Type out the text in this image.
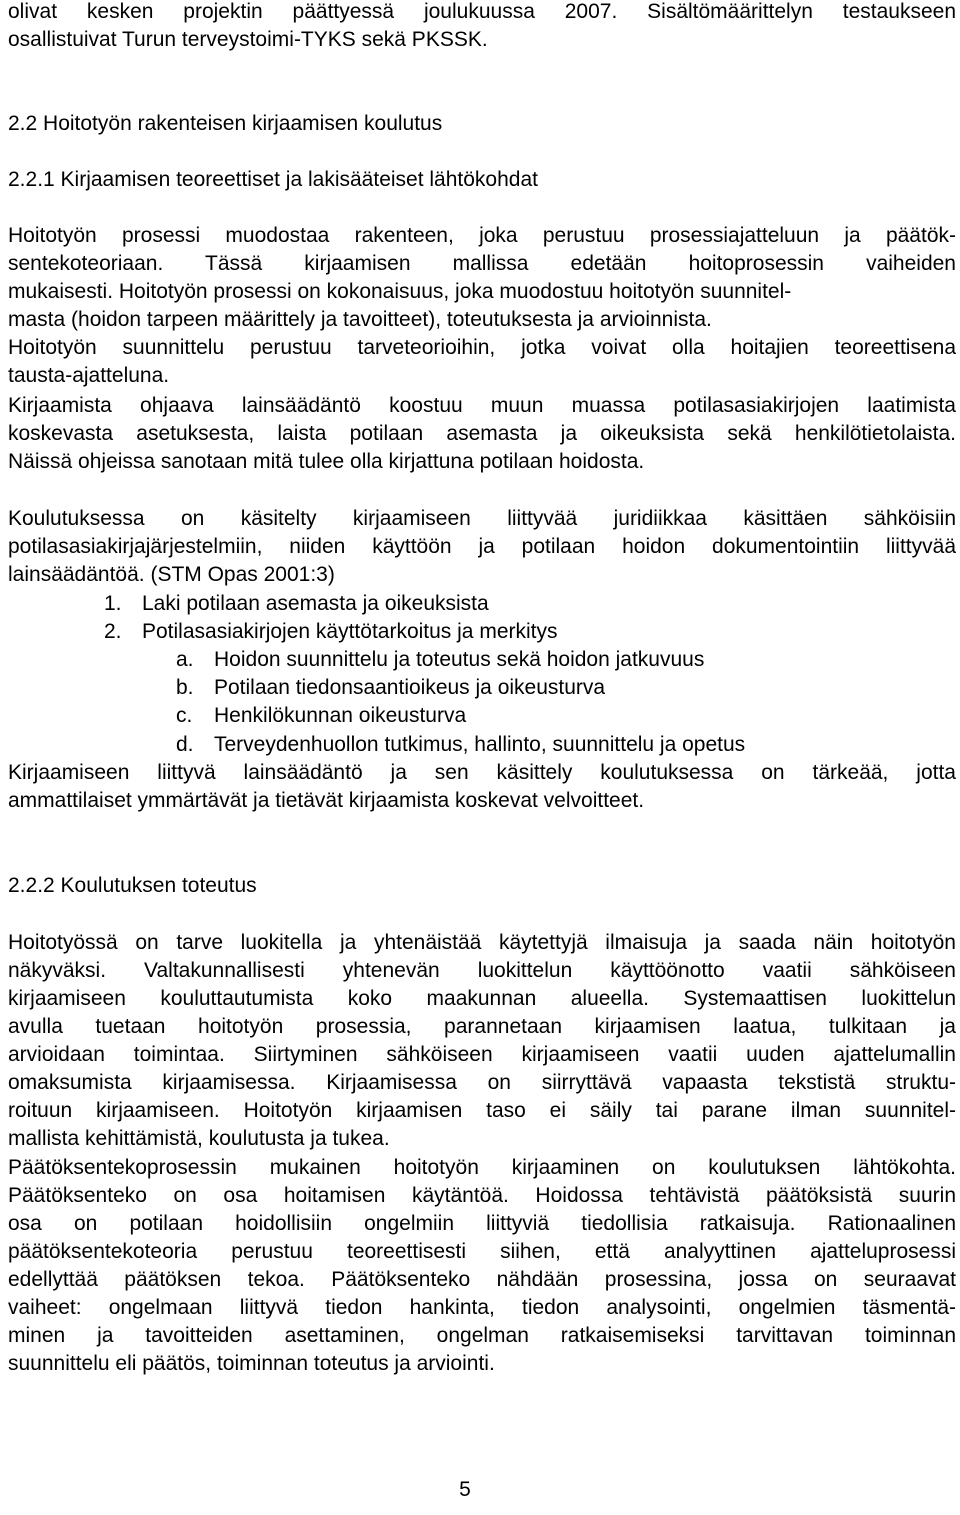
olivat kesken projektin päättyessä joulukuussa 2007. Sisältömäärittelyn testaukseen
osallistuivat Turun terveystoimi-TYKS sekä PKSSK.
2.2 Hoitotyön rakenteisen kirjaamisen koulutus
2.2.1 Kirjaamisen teoreettiset ja lakisääteiset lähtökohdat
Hoitotyön prosessi muodostaa rakenteen, joka perustuu prosessiajatteluun ja päätök-
sentekoteoriaan. Tässä kirjaamisen mallissa edetään hoitoprosessin vaiheiden
mukaisesti. Hoitotyön prosessi on kokonaisuus, joka muodostuu hoitotyön suunnitel-
masta (hoidon tarpeen määrittely ja tavoitteet), toteutuksesta ja arvioinnista.
Hoitotyön suunnittelu perustuu tarveteorioihin, jotka voivat olla hoitajien teoreettisena
tausta-ajatteluna.
Kirjaamista ohjaava lainsäädäntö koostuu muun muassa potilasasiakirjojen laatimista
koskevasta asetuksesta, laista potilaan asemasta ja oikeuksista sekä henkilötietolaista.
Näissä ohjeissa sanotaan mitä tulee olla kirjattuna potilaan hoidosta.
Koulutuksessa on käsitelty kirjaamiseen liittyvää juridiikkaa käsittäen sähköisiin
potilasasiakirjajärjestelmiin, niiden käyttöön ja potilaan hoidon dokumentointiin liittyvää
lainsäädäntöä. (STM Opas 2001:3)
1. Laki potilaan asemasta ja oikeuksista
2. Potilasasiakirjojen käyttötarkoitus ja merkitys
a. Hoidon suunnittelu ja toteutus sekä hoidon jatkuvuus
b. Potilaan tiedonsaantioikeus ja oikeusturva
c. Henkilökunnan oikeusturva
d. Terveydenhuollon tutkimus, hallinto, suunnittelu ja opetus
Kirjaamiseen liittyvä lainsäädäntö ja sen käsittely koulutuksessa on tärkeää, jotta
ammattilaiset ymmärtävät ja tietävät kirjaamista koskevat velvoitteet.
2.2.2 Koulutuksen toteutus
Hoitotyössä on tarve luokitella ja yhtenäistää käytettyjä ilmaisuja ja saada näin hoitotyön
näkyväksi. Valtakunnallisesti yhtenevän luokittelun käyttöönotto vaatii sähköiseen
kirjaamiseen kouluttautumista koko maakunnan alueella. Systemaattisen luokittelun
avulla tuetaan hoitotyön prosessia, parannetaan kirjaamisen laatua, tulkitaan ja
arvioidaan toimintaa. Siirtyminen sähköiseen kirjaamiseen vaatii uuden ajattelumallin
omaksumista kirjaamisessa. Kirjaamisessa on siirryttävä vapaasta tekstistä struktu-
roituun kirjaamiseen. Hoitotyön kirjaamisen taso ei säily tai parane ilman suunnitel-
mallista kehittämistä, koulutusta ja tukea.
Päätöksentekoprosessin mukainen hoitotyön kirjaaminen on koulutuksen lähtökohta.
Päätöksenteko on osa hoitamisen käytäntöä. Hoidossa tehtävistä päätöksistä suurin
osa on potilaan hoidollisiin ongelmiin liittyviä tiedollisia ratkaisuja. Rationaalinen
päätöksentekoteoria perustuu teoreettisesti siihen, että analyyttinen ajatteluprosessi
edellyttää päätöksen tekoa. Päätöksenteko nähdään prosessina, jossa on seuraavat
vaiheet: ongelmaan liittyvä tiedon hankinta, tiedon analysointi, ongelmien täsmentä-
minen ja tavoitteiden asettaminen, ongelman ratkaisemiseksi tarvittavan toiminnan
suunnittelu eli päätös, toiminnan toteutus ja arviointi.
5
